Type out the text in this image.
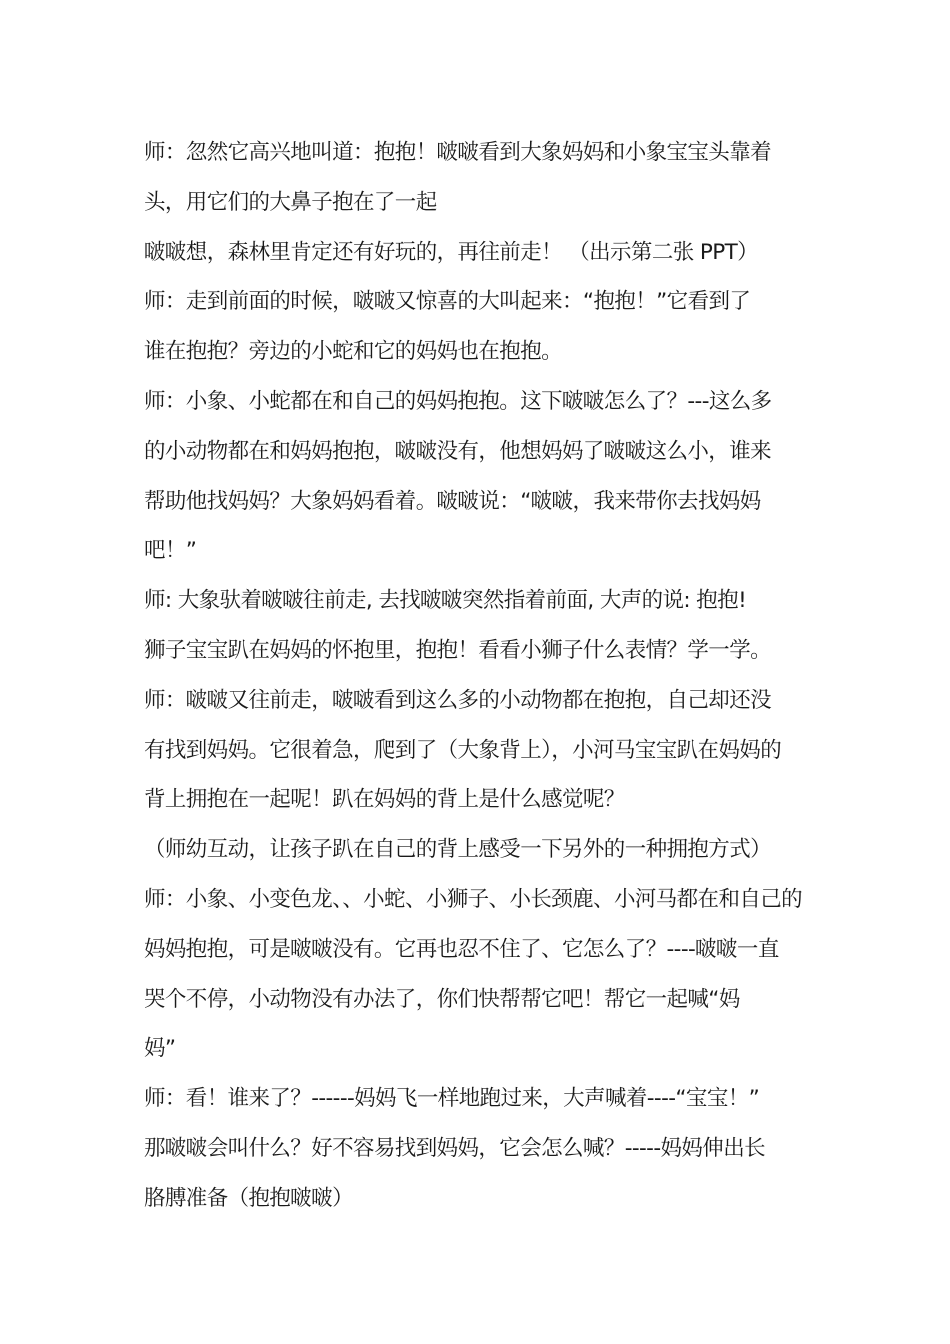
师：忽然它高兴地叫道：抱抱！啵啵看到大象妈妈和小象宝宝头靠着
头，用它们的大鼻子抱在了一起
啵啵想，森林里肯定还有好玩的，再往前走！ （出示第二张 PPT）
师：走到前面的时候，啵啵又惊喜的大叫起来：“抱抱！”它看到了
谁在抱抱？旁边的小蛇和它的妈妈也在抱抱。
师：小象、小蛇都在和自己的妈妈抱抱。这下啵啵怎么了？---这么多
的小动物都在和妈妈抱抱，啵啵没有，他想妈妈了啵啵这么小，谁来
帮助他找妈妈？大象妈妈看着。啵啵说：“啵啵，我来带你去找妈妈
吧！”
师: 大象驮着啵啵往前走, 去找啵啵突然指着前面, 大声的说: 抱抱!
狮子宝宝趴在妈妈的怀抱里，抱抱！看看小狮子什么表情？学一学。
师：啵啵又往前走，啵啵看到这么多的小动物都在抱抱，自己却还没
有找到妈妈。它很着急，爬到了（大象背上），小河马宝宝趴在妈妈的
背上拥抱在一起呢！趴在妈妈的背上是什么感觉呢？
（师幼互动，让孩子趴在自己的背上感受一下另外的一种拥抱方式）
师：小象、小变色龙、、小蛇、小狮子、小长颈鹿、小河马都在和自己的
妈妈抱抱，可是啵啵没有。它再也忍不住了、它怎么了？----啵啵一直
哭个不停，小动物没有办法了，你们快帮帮它吧！帮它一起喊“妈
妈”
师：看！谁来了？------妈妈飞一样地跑过来，大声喊着----“宝宝！”
那啵啵会叫什么？好不容易找到妈妈，它会怎么喊？-----妈妈伸出长
胳膊准备（抱抱啵啵）
